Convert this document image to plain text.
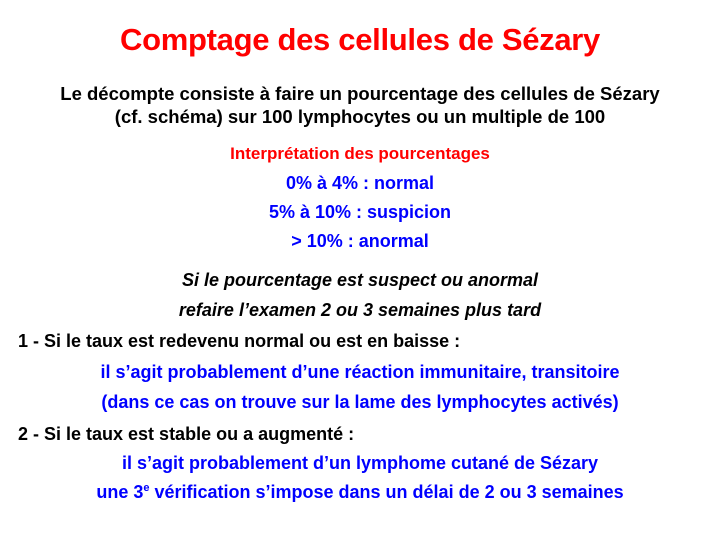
Comptage des cellules de Sézary
Le décompte consiste à faire un pourcentage des cellules de Sézary
(cf. schéma) sur 100 lymphocytes ou un multiple de 100
Interprétation des pourcentages
0% à 4% : normal
5% à 10% : suspicion
> 10% : anormal
Si le pourcentage est suspect ou anormal
refaire l’examen 2 ou 3 semaines plus tard
1 - Si le taux est redevenu normal ou est en baisse :
il s’agit probablement d’une réaction immunitaire, transitoire
(dans ce cas on trouve sur la lame des lymphocytes activés)
2 - Si le taux est stable ou a augmenté :
il s’agit probablement d’un lymphome cutané de Sézary
une 3e vérification s’impose dans un délai de 2 ou 3 semaines
